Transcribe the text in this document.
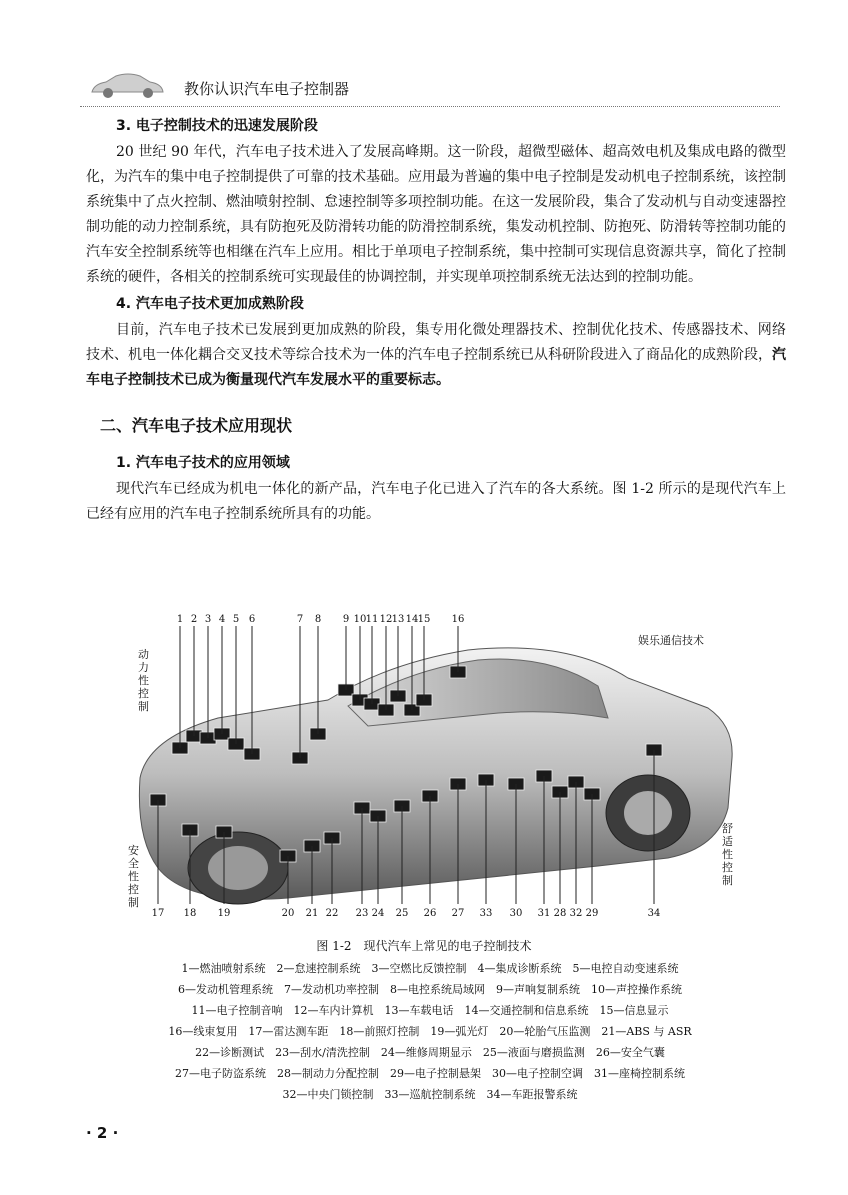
教你认识汽车电子控制器

3. 电子控制技术的迅速发展阶段

20 世纪 90 年代，汽车电子技术进入了发展高峰期。这一阶段，超微型磁体、超高效电机及集成电路的微型化，为汽车的集中电子控制提供了可靠的技术基础。应用最为普遍的集中电子控制是发动机电子控制系统，该控制系统集中了点火控制、燃油喷射控制、怠速控制等多项控制功能。在这一发展阶段，集合了发动机与自动变速器控制功能的动力控制系统，具有防抱死及防滑转功能的防滑控制系统，集发动机控制、防抱死、防滑转等控制功能的汽车安全控制系统等也相继在汽车上应用。相比于单项电子控制系统，集中控制可实现信息资源共享，简化了控制系统的硬件，各相关的控制系统可实现最佳的协调控制，并实现单项控制系统无法达到的控制功能。

4. 汽车电子技术更加成熟阶段

目前，汽车电子技术已发展到更加成熟的阶段，集专用化微处理器技术、控制优化技术、传感器技术、网络技术、机电一体化耦合交叉技术等综合技术为一体的汽车电子控制系统已从科研阶段进入了商品化的成熟阶段，汽车电子控制技术已成为衡量现代汽车发展水平的重要标志。

二、汽车电子技术应用现状

1. 汽车电子技术的应用领域

现代汽车已经成为机电一体化的新产品，汽车电子化已进入了汽车的各大系统。图 1-2 所示的是现代汽车上已经有应用的汽车电子控制系统所具有的功能。

1 2 3 4 5 6	7 8 9 10 11 12 13 14 15 16
17 18 19	20 21 22 23 24 25 26 27 33 30 31 28 32 29	34
动力性控制
安全性控制
舒适性控制
娱乐通信技术
图 1-2　现代汽车上常见的电子控制技术
1—燃油喷射系统　2—怠速控制系统　3—空燃比反馈控制　4—集成诊断系统　5—电控自动变速系统
6—发动机管理系统　7—发动机功率控制　8—电控系统局域网　9—声响复制系统　10—声控操作系统
11—电子控制音响　12—车内计算机　13—车载电话　14—交通控制和信息系统　15—信息显示
16—线束复用　17—雷达测车距　18—前照灯控制　19—弧光灯　20—轮胎气压监测　21—ABS 与 ASR
22—诊断测试　23—刮水/清洗控制　24—维修周期显示　25—液面与磨损监测　26—安全气囊
27—电子防盗系统　28—制动力分配控制　29—电子控制悬架　30—电子控制空调　31—座椅控制系统
32—中央门锁控制　33—巡航控制系统　34—车距报警系统
· 2 ·
